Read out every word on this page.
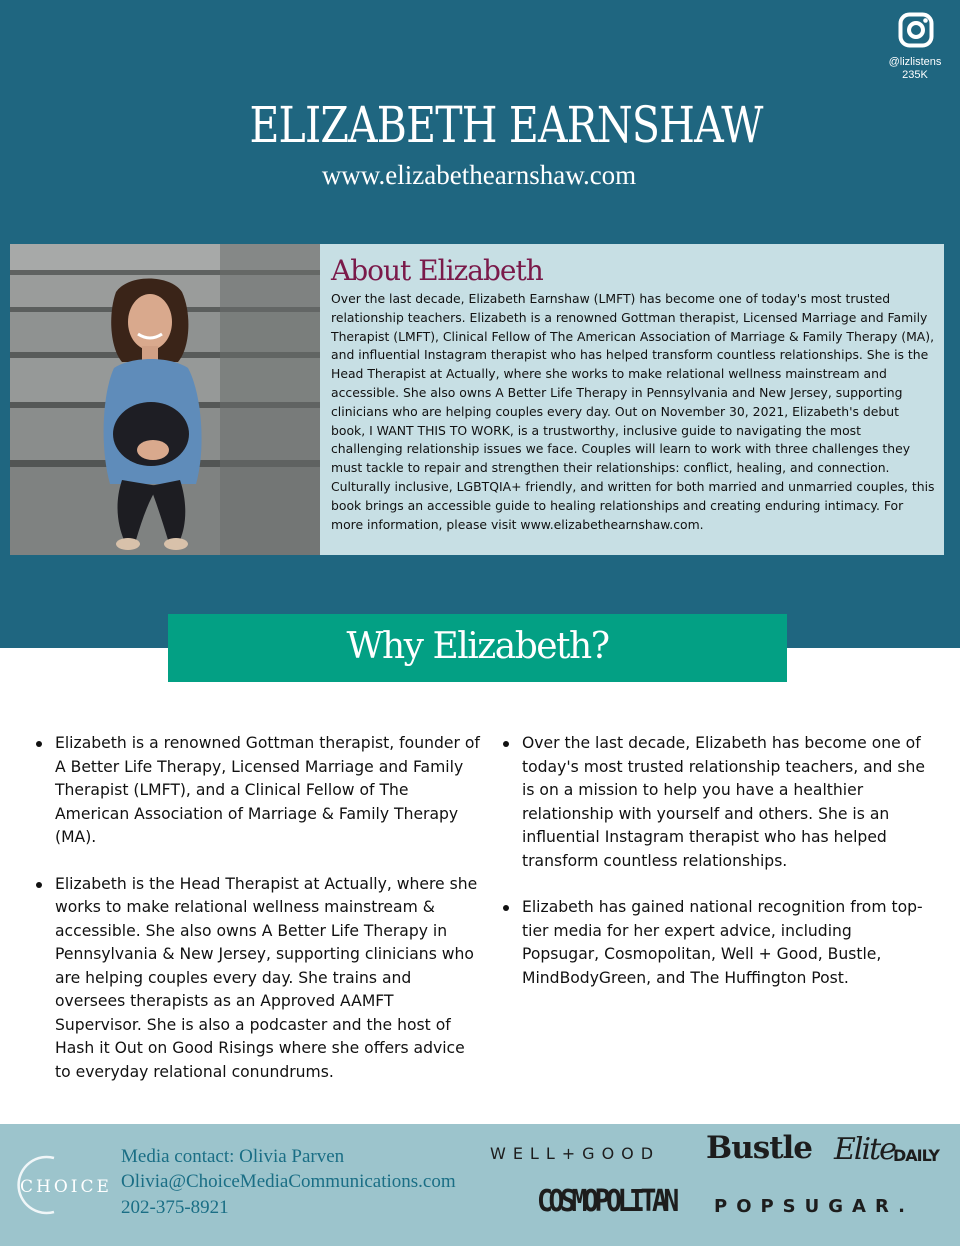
@lizlistens
235K
ELIZABETH EARNSHAW
www.elizabethearnshaw.com
About Elizabeth
Over the last decade, Elizabeth Earnshaw (LMFT) has become one of today's most trusted relationship teachers. Elizabeth is a renowned Gottman therapist, Licensed Marriage and Family Therapist (LMFT), Clinical Fellow of The American Association of Marriage & Family Therapy (MA), and influential Instagram therapist who has helped transform countless relationships. She is the Head Therapist at Actually, where she works to make relational wellness mainstream and accessible. She also owns A Better Life Therapy in Pennsylvania and New Jersey, supporting clinicians who are helping couples every day. Out on November 30, 2021, Elizabeth's debut book, I WANT THIS TO WORK, is a trustworthy, inclusive guide to navigating the most challenging relationship issues we face. Couples will learn to work with three challenges they must tackle to repair and strengthen their relationships: conflict, healing, and connection. Culturally inclusive, LGBTQIA+ friendly, and written for both married and unmarried couples, this book brings an accessible guide to healing relationships and creating enduring intimacy. For more information, please visit www.elizabethearnshaw.com.
Why Elizabeth?
Elizabeth is a renowned Gottman therapist, founder of A Better Life Therapy, Licensed Marriage and Family Therapist (LMFT), and a Clinical Fellow of The American Association of Marriage & Family Therapy (MA).
Elizabeth is the Head Therapist at Actually, where she works to make relational wellness mainstream & accessible. She also owns A Better Life Therapy in Pennsylvania & New Jersey, supporting clinicians who are helping couples every day. She trains and oversees therapists as an Approved AAMFT Supervisor. She is also a podcaster and the host of Hash it Out on Good Risings where she offers advice to everyday relational conundrums.
Over the last decade, Elizabeth has become one of today's most trusted relationship teachers, and she is on a mission to help you have a healthier relationship with yourself and others. She is an influential Instagram therapist who has helped transform countless relationships.
Elizabeth has gained national recognition from top-tier media for her expert advice, including Popsugar, Cosmopolitan, Well + Good, Bustle, MindBodyGreen, and The Huffington Post.
CHOICE
Media contact: Olivia Parven
Olivia@ChoiceMediaCommunications.com
202-375-8921
WELL+GOOD Bustle Elite
DAILY
COSMOPOLITAN POPSUGAR.
